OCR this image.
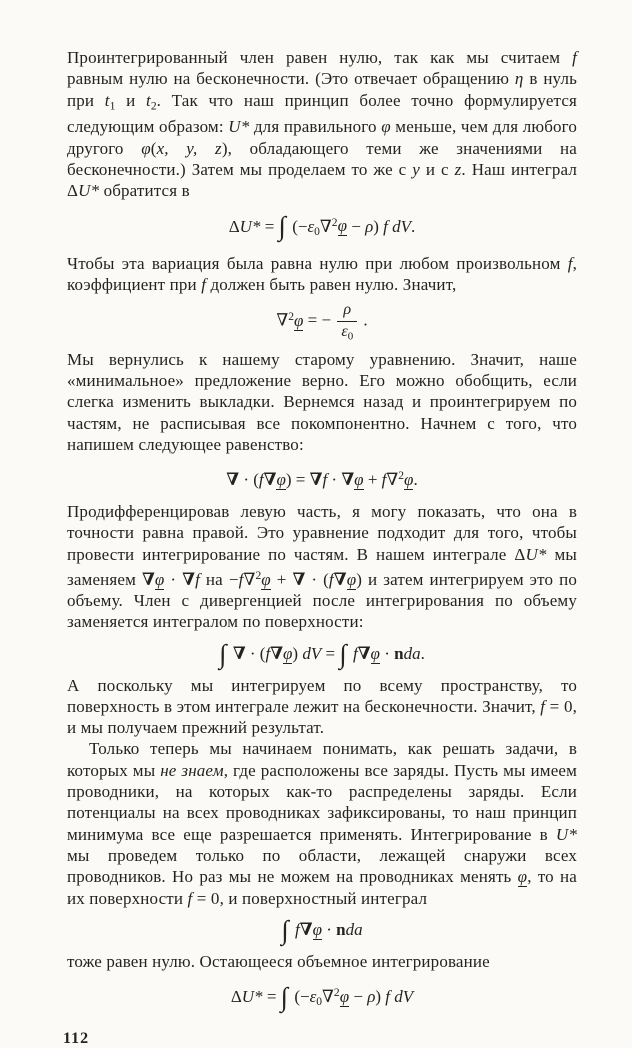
Проинтегрированный член равен нулю, так как мы считаем f равным нулю на бесконечности. (Это отвечает обращению η в нуль при $t_1$ и $t_2$. Так что наш принцип более точно формулируется следующим образом: U* для правильного φ меньше, чем для любого другого φ(x, y, z), обладающего теми же значениями на бесконечности.) Затем мы проделаем то же с y и с z. Наш интеграл ΔU* обратится в

ΔU* = ∫ $(-\varepsilon_0\nabla^2\varphi - \rho)$ f dV.

Чтобы эта вариация была равна нулю при любом произвольном f, коэффициент при f должен быть равен нулю. Значит,

∇$^2$φ = − $\frac{\rho}{\varepsilon_0}$ .

Мы вернулись к нашему старому уравнению. Значит, наше «минимальное» предложение верно. Его можно обобщить, если слегка изменить выкладки. Вернемся назад и проинтегрируем по частям, не расписывая все покомпонентно. Начнем с того, что напишем следующее равенство:

∇ · (f∇φ) = ∇f · ∇φ + f∇$^2$φ.

Продифференцировав левую часть, я могу показать, что она в точности равна правой. Это уравнение подходит для того, чтобы провести интегрирование по частям. В нашем интеграле ΔU* мы заменяем ∇φ · ∇f на −f∇$^2$φ + ∇ · (f∇φ) и затем интегрируем это по объему. Член с дивергенцией после интегрирования по объему заменяется интегралом по поверхности:

∫ ∇ · (f∇φ) dV = ∫ f∇φ · nda.

А поскольку мы интегрируем по всему пространству, то поверхность в этом интеграле лежит на бесконечности. Значит, f = 0, и мы получаем прежний результат.

Только теперь мы начинаем понимать, как решать задачи, в которых мы не знаем, где расположены все заряды. Пусть мы имеем проводники, на которых как-то распределены заряды. Если потенциалы на всех проводниках зафиксированы, то наш принцип минимума все еще разрешается применять. Интегрирование в U* мы проведем только по области, лежащей снаружи всех проводников. Но раз мы не можем на проводниках менять φ, то на их поверхности f = 0, и поверхностный интеграл

∫ f∇φ · nda

тоже равен нулю. Остающееся объемное интегрирование

ΔU* = ∫ $(-\varepsilon_0\nabla^2\varphi - \rho)$ f dV
112
